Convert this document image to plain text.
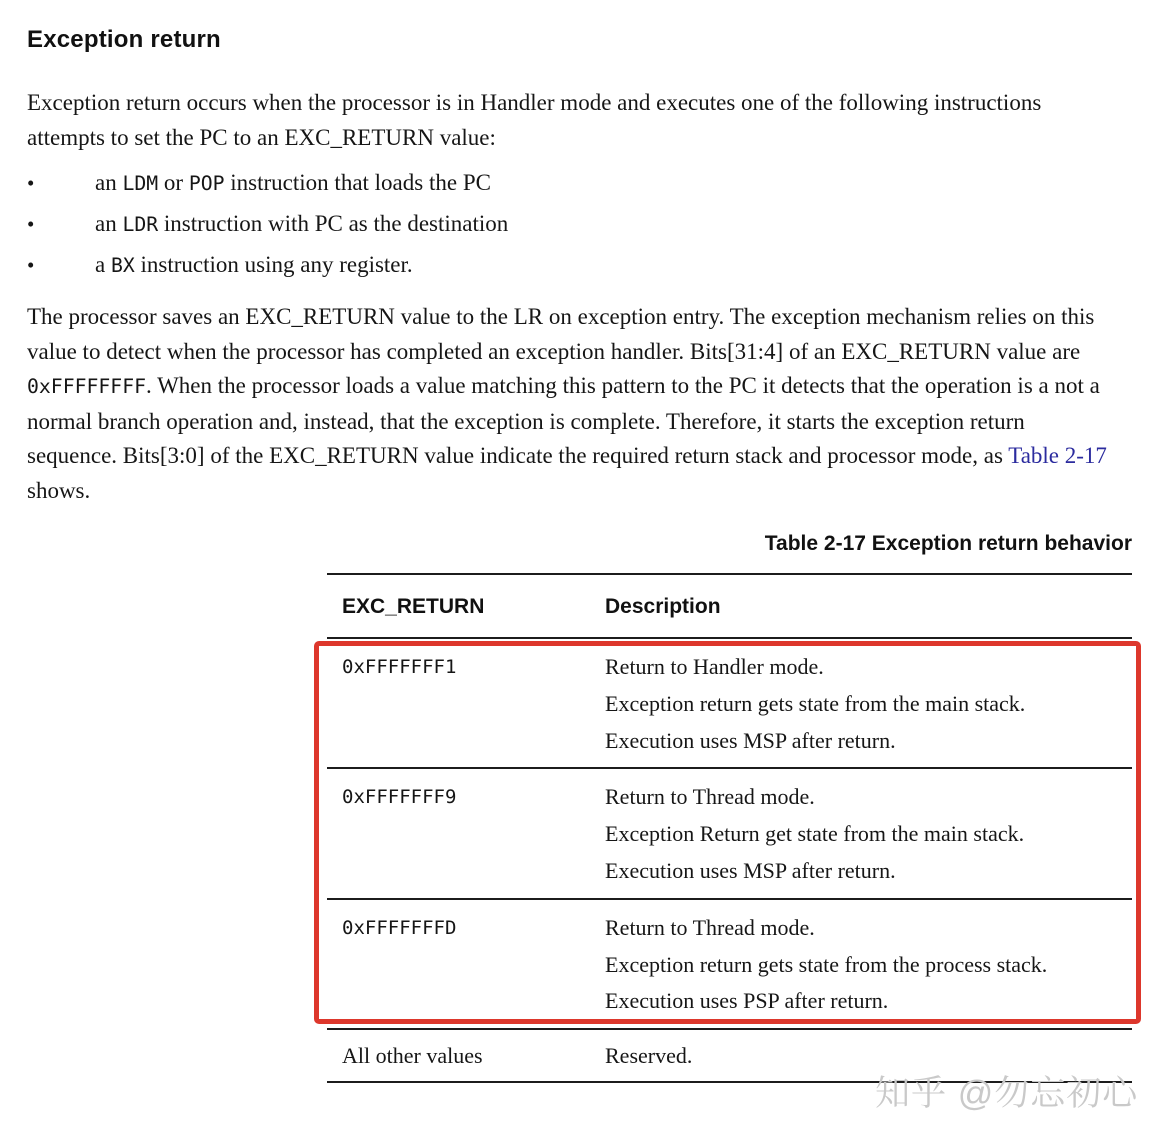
Exception return
Exception return occurs when the processor is in Handler mode and executes one of the following instructions attempts to set the PC to an EXC_RETURN value:
•	an LDM or POP instruction that loads the PC
•	an LDR instruction with PC as the destination
•	a BX instruction using any register.
The processor saves an EXC_RETURN value to the LR on exception entry. The exception mechanism relies on this value to detect when the processor has completed an exception handler. Bits[31:4] of an EXC_RETURN value are 0xFFFFFFFF. When the processor loads a value matching this pattern to the PC it detects that the operation is a not a normal branch operation and, instead, that the exception is complete. Therefore, it starts the exception return sequence. Bits[3:0] of the EXC_RETURN value indicate the required return stack and processor mode, as Table 2-17 shows.
Table 2-17 Exception return behavior
EXC_RETURN	Description
0xFFFFFFF1	Return to Handler mode.
Exception return gets state from the main stack.
Execution uses MSP after return.
0xFFFFFFF9	Return to Thread mode.
Exception Return get state from the main stack.
Execution uses MSP after return.
0xFFFFFFFD	Return to Thread mode.
Exception return gets state from the process stack.
Execution uses PSP after return.
All other values	Reserved.
知乎 @勿忘初心
